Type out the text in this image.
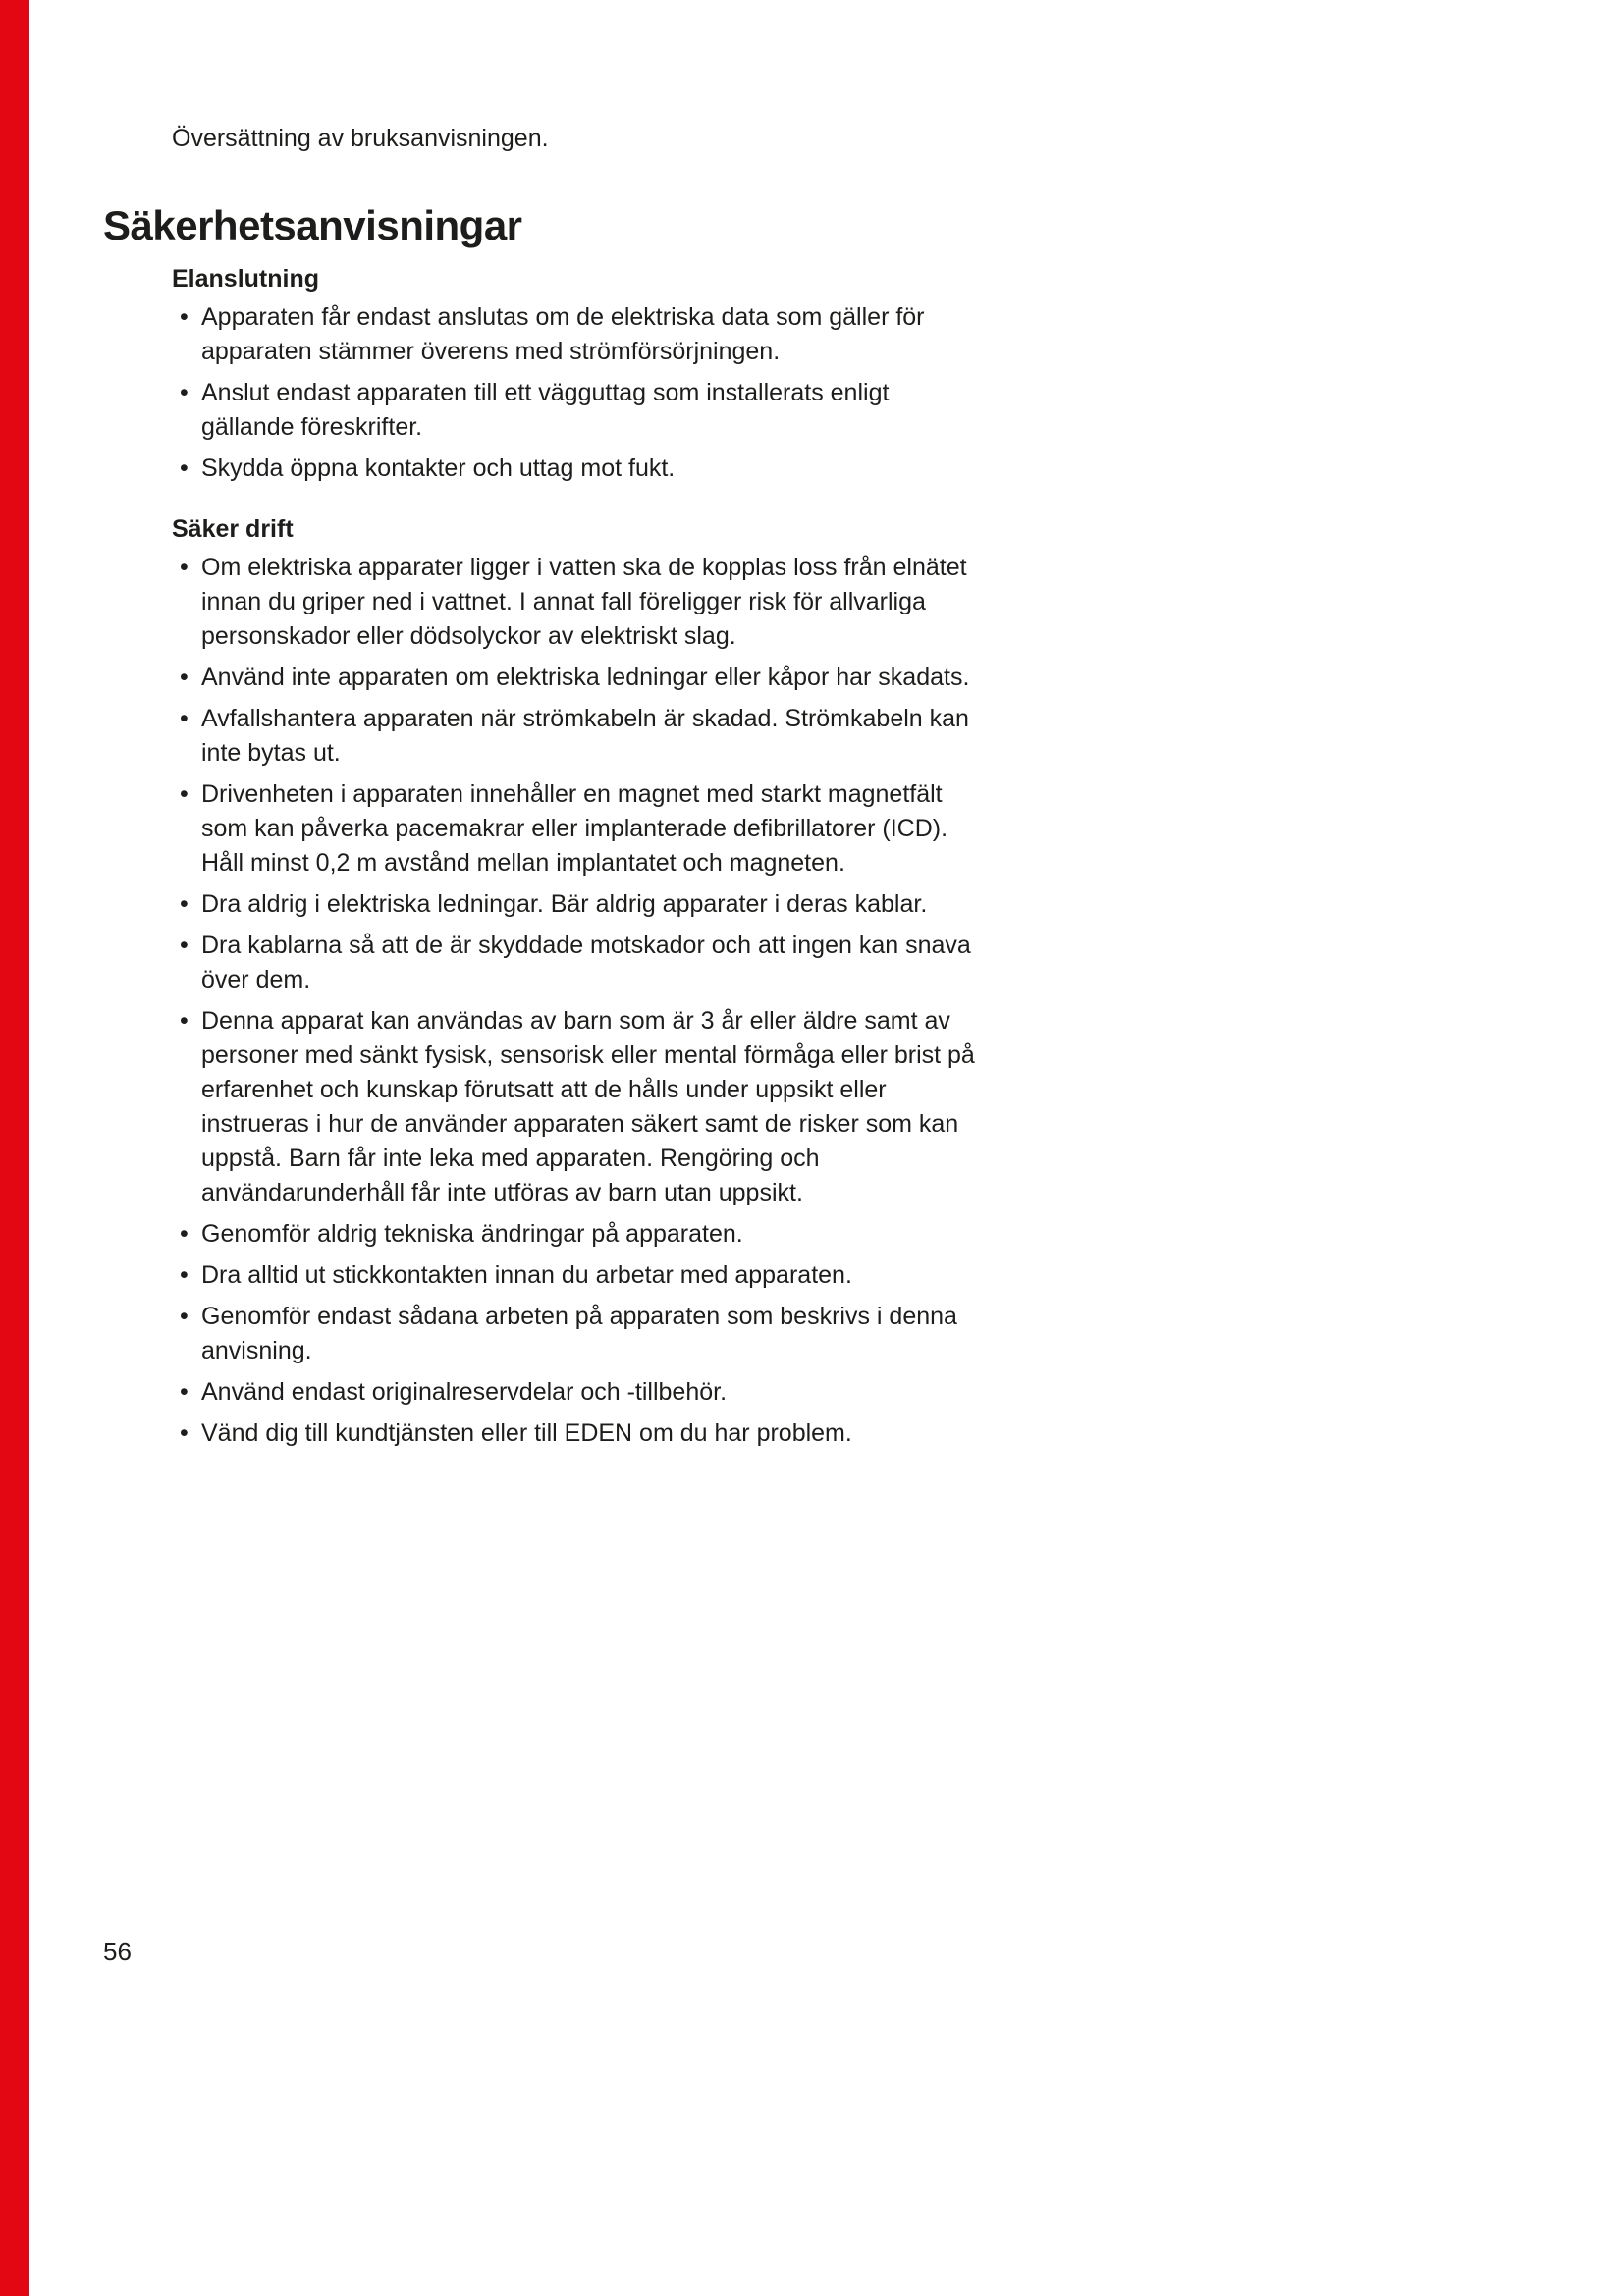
Översättning av bruksanvisningen.
Säkerhetsanvisningar
Elanslutning
• Apparaten får endast anslutas om de elektriska data som gäller för apparaten stämmer överens med strömförsörjningen.
• Anslut endast apparaten till ett vägguttag som installerats enligt gällande föreskrifter.
• Skydda öppna kontakter och uttag mot fukt.
Säker drift
• Om elektriska apparater ligger i vatten ska de kopplas loss från elnätet innan du griper ned i vattnet. I annat fall föreligger risk för allvarliga personskador eller dödsolyckor av elektriskt slag.
• Använd inte apparaten om elektriska ledningar eller kåpor har skadats.
• Avfallshantera apparaten när strömkabeln är skadad. Strömkabeln kan inte bytas ut.
• Drivenheten i apparaten innehåller en magnet med starkt magnetfält som kan påverka pacemakrar eller implanterade defibrillatorer (ICD). Håll minst 0,2 m avstånd mellan implantatet och magneten.
• Dra aldrig i elektriska ledningar. Bär aldrig apparater i deras kablar.
• Dra kablarna så att de är skyddade motskador och att ingen kan snava över dem.
• Denna apparat kan användas av barn som är 3 år eller äldre samt av personer med sänkt fysisk, sensorisk eller mental förmåga eller brist på erfarenhet och kunskap förutsatt att de hålls under uppsikt eller instrueras i hur de använder apparaten säkert samt de risker som kan uppstå. Barn får inte leka med apparaten. Rengöring och användarunderhåll får inte utföras av barn utan uppsikt.
• Genomför aldrig tekniska ändringar på apparaten.
• Dra alltid ut stickkontakten innan du arbetar med apparaten.
• Genomför endast sådana arbeten på apparaten som beskrivs i denna anvisning.
• Använd endast originalreservdelar och -tillbehör.
• Vänd dig till kundtjänsten eller till EDEN om du har problem.
56
